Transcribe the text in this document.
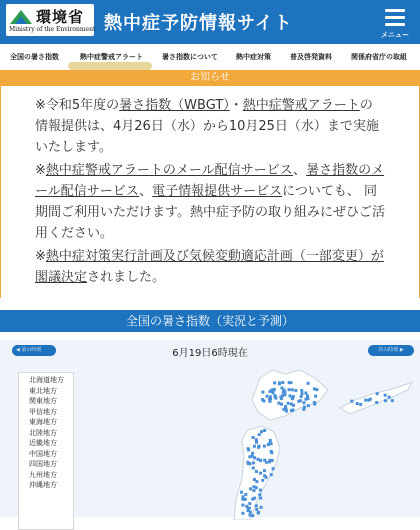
環境省
Ministry of the Environment 熱中症予防情報サイト
メニュー
全国の暑さ指数	熱中症警戒アラート	暑さ指数について	熱中症対策	普及啓発資料	関係府省庁の取組
お知らせ
※令和5年度の暑さ指数（WBGT）・熱中症警戒アラートの情報提供は、4月26日（水）から10月25日（水）まで実施いたします。
※熱中症警戒アラートのメール配信サービス、暑さ指数のメール配信サービス、電子情報提供サービスについても、 同期間ご利用いただけます。熱中症予防の取り組みにぜひご活用ください。
※熱中症対策実行計画及び気候変動適応計画（一部変更）が閣議決定されました。
全国の暑さ指数（実況と予測）
◀ 前の時刻	6月19日6時現在	次の時刻 ▶
北海道地方
東北地方
関東地方
甲信地方
東海地方
北陸地方
近畿地方
中国地方
四国地方
九州地方
沖縄地方
